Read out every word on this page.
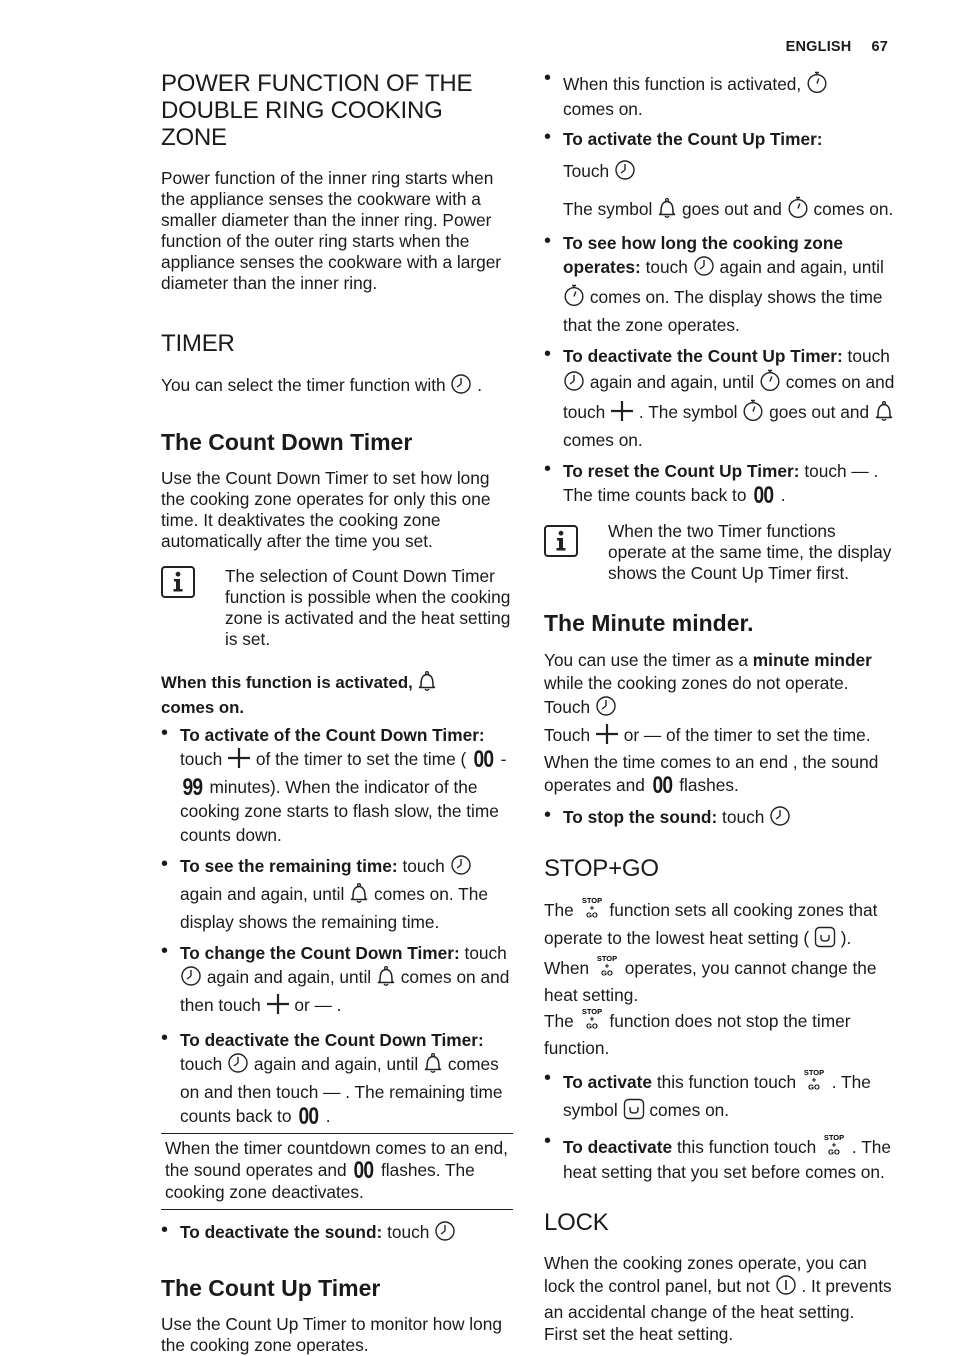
ENGLISH 67
POWER FUNCTION OF THE DOUBLE RING COOKING ZONE

Power function of the inner ring starts when the appliance senses the cookware with a smaller diameter than the inner ring. Power function of the outer ring starts when the appliance senses the cookware with a larger diameter than the inner ring.

TIMER

You can select the timer function with .

The Count Down Timer

Use the Count Down Timer to set how long the cooking zone operates for only this one time. It deaktivates the cooking zone automatically after the time you set.

The selection of Count Down Timer function is possible when the cooking zone is activated and the heat setting is set.

When this function is activated,
comes on.

• To activate of the Count Down Timer: touch of the timer to set the time ( 00 - 99 minutes). When the indicator of the cooking zone starts to flash slow, the time counts down.
• To see the remaining time: touch  again and again, until comes on. The display shows the remaining time.
• To change the Count Down Timer: touch  again and again, until comes on and then touch or — .
• To deactivate the Count Down Timer: touch again and again, until comes on and then touch — . The remaining time counts back to 00 .

When the timer countdown comes to an end, the sound operates and 00 flashes. The cooking zone deactivates.

• To deactivate the sound: touch
The Count Up Timer

Use the Count Up Timer to monitor how long the cooking zone operates.

• When this function is activated,
comes on.
• To activate the Count Up Timer:
Touch
The symbol goes out and comes on.
• To see how long the cooking zone operates: touch again and again, until  comes on. The display shows the time that the zone operates.
• To deactivate the Count Up Timer: touch  again and again, until comes on and touch . The symbol goes out and  comes on.
• To reset the Count Up Timer: touch — . The time counts back to 00 .

When the two Timer functions operate at the same time, the display shows the Count Up Timer first.

The Minute minder.

You can use the timer as a minute minder while the cooking zones do not operate.
Touch
Touch or — of the timer to set the time.
When the time comes to an end , the sound operates and 00 flashes.

• To stop the sound: touch
STOP+GO

The STOP
+
GO function sets all cooking zones that operate to the lowest heat setting ( ).
When STOP
+
GO operates, you cannot change the heat setting.
The STOP
+
GO function does not stop the timer function.

• To activate this function touch STOP
+
GO . The symbol comes on.
• To deactivate this function touch STOP
+
GO . The heat setting that you set before comes on.
LOCK

When the cooking zones operate, you can lock the control panel, but not . It prevents an accidental change of the heat setting.
First set the heat setting.
